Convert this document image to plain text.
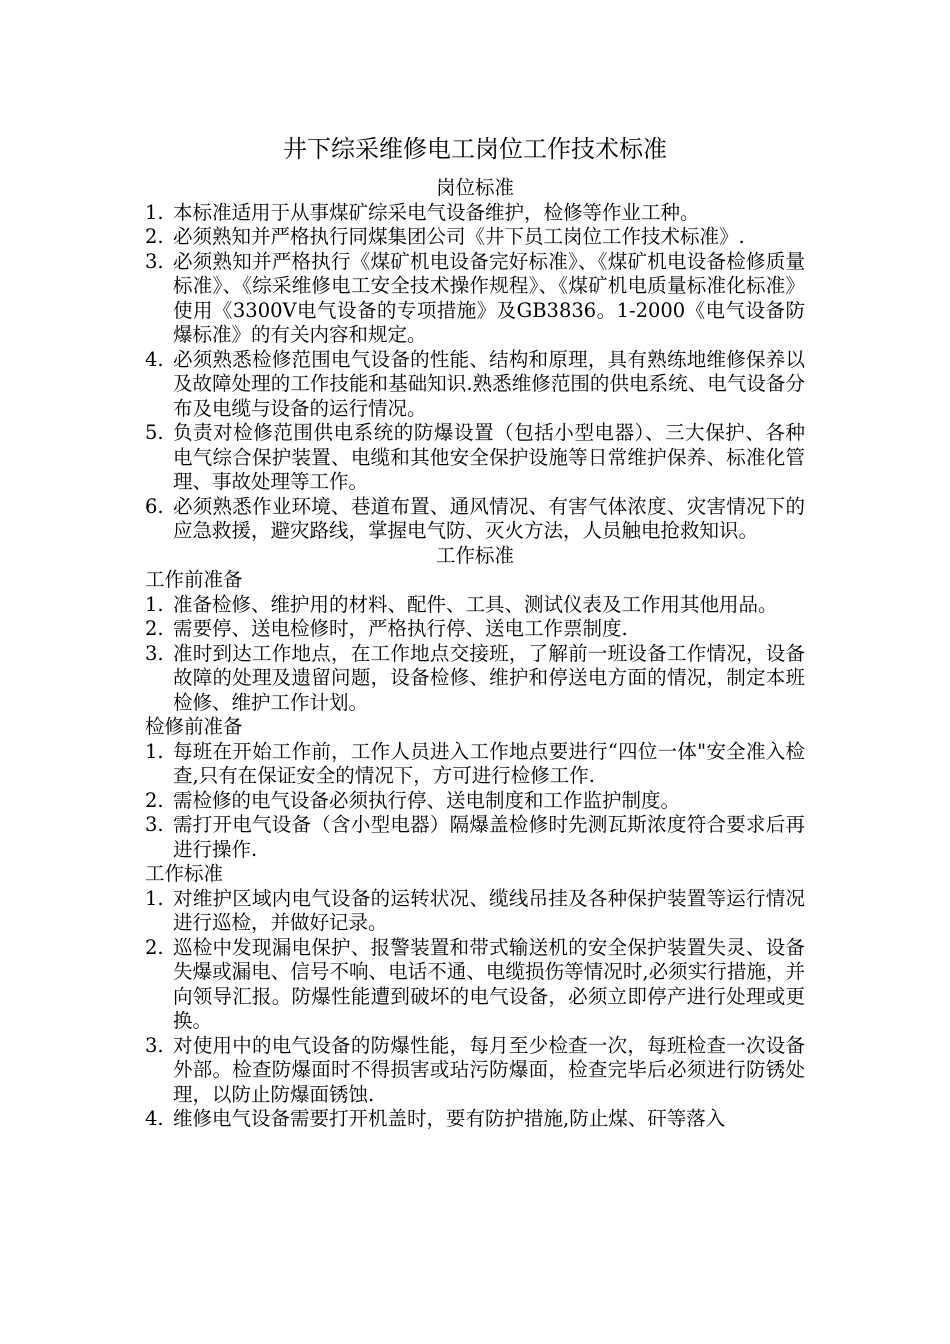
井下综采维修电工岗位工作技术标准
岗位标准
1. 本标准适用于从事煤矿综采电气设备维护，检修等作业工种。
2. 必须熟知并严格执行同煤集团公司《井下员工岗位工作技术标准》.
3. 必须熟知并严格执行《煤矿机电设备完好标准》、《煤矿机电设备检修质量标准》、《综采维修电工安全技术操作规程》、《煤矿机电质量标准化标准》使用《3300V电气设备的专项措施》及GB3836。1-2000《电气设备防爆标准》的有关内容和规定。
4. 必须熟悉检修范围电气设备的性能、结构和原理，具有熟练地维修保养以及故障处理的工作技能和基础知识.熟悉维修范围的供电系统、电气设备分布及电缆与设备的运行情况。
5. 负责对检修范围供电系统的防爆设置（包括小型电器）、三大保护、各种电气综合保护装置、电缆和其他安全保护设施等日常维护保养、标准化管理、事故处理等工作。
6. 必须熟悉作业环境、巷道布置、通风情况、有害气体浓度、灾害情况下的应急救援，避灾路线，掌握电气防、灭火方法，人员触电抢救知识。
工作标准
工作前准备
1. 准备检修、维护用的材料、配件、工具、测试仪表及工作用其他用品。
2. 需要停、送电检修时，严格执行停、送电工作票制度.
3. 准时到达工作地点，在工作地点交接班，了解前一班设备工作情况，设备故障的处理及遗留问题，设备检修、维护和停送电方面的情况，制定本班检修、维护工作计划。
检修前准备
1. 每班在开始工作前，工作人员进入工作地点要进行“四位一体"安全准入检查,只有在保证安全的情况下，方可进行检修工作.
2. 需检修的电气设备必须执行停、送电制度和工作监护制度。
3. 需打开电气设备（含小型电器）隔爆盖检修时先测瓦斯浓度符合要求后再进行操作.
工作标准
1. 对维护区域内电气设备的运转状况、缆线吊挂及各种保护装置等运行情况进行巡检，并做好记录。
2. 巡检中发现漏电保护、报警装置和带式输送机的安全保护装置失灵、设备失爆或漏电、信号不响、电话不通、电缆损伤等情况时,必须实行措施，并向领导汇报。防爆性能遭到破坏的电气设备，必须立即停产进行处理或更换。
3. 对使用中的电气设备的防爆性能，每月至少检查一次，每班检查一次设备外部。检查防爆面时不得损害或玷污防爆面，检查完毕后必须进行防锈处理，以防止防爆面锈蚀.
4. 维修电气设备需要打开机盖时，要有防护措施,防止煤、矸等落入
